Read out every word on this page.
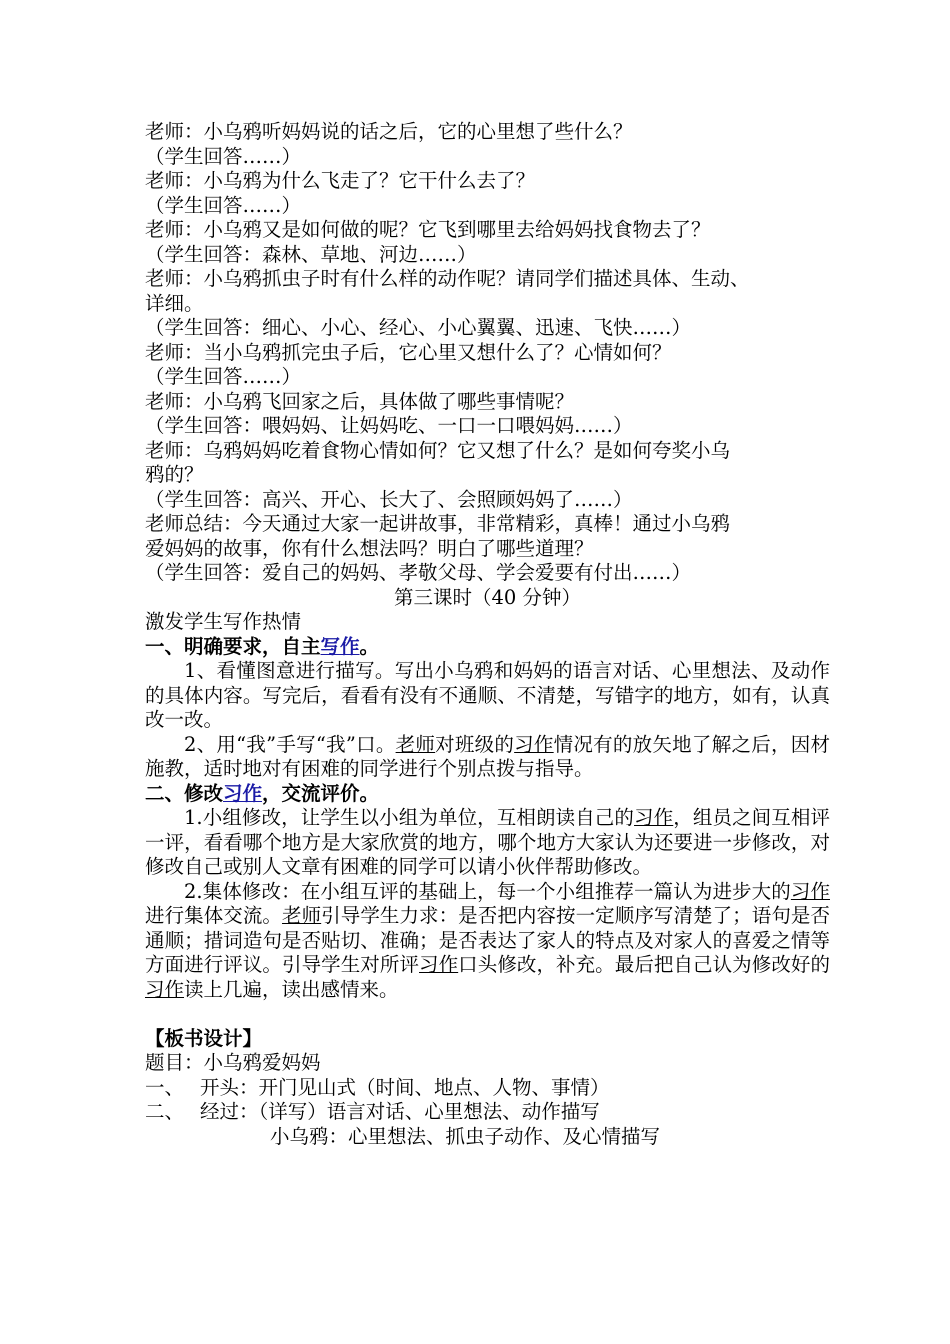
老师：小乌鸦听妈妈说的话之后，它的心里想了些什么？
（学生回答……）
老师：小乌鸦为什么飞走了？它干什么去了？
（学生回答……）
老师：小乌鸦又是如何做的呢？它飞到哪里去给妈妈找食物去了？
（学生回答：森林、草地、河边……）
老师：小乌鸦抓虫子时有什么样的动作呢？请同学们描述具体、生动、
详细。
（学生回答：细心、小心、经心、小心翼翼、迅速、飞快……）
老师：当小乌鸦抓完虫子后，它心里又想什么了？心情如何？
（学生回答……）
老师：小乌鸦飞回家之后，具体做了哪些事情呢？
（学生回答：喂妈妈、让妈妈吃、一口一口喂妈妈……）
老师：乌鸦妈妈吃着食物心情如何？它又想了什么？是如何夸奖小乌
鸦的？
（学生回答：高兴、开心、长大了、会照顾妈妈了……）
老师总结：今天通过大家一起讲故事，非常精彩，真棒！通过小乌鸦
爱妈妈的故事，你有什么想法吗？明白了哪些道理？
（学生回答：爱自己的妈妈、孝敬父母、学会爱要有付出……）
第三课时（40 分钟）
激发学生写作热情
一、明确要求，自主写作。
1、看懂图意进行描写。写出小乌鸦和妈妈的语言对话、心里想法、及动作的具体内容。写完后，看看有没有不通顺、不清楚，写错字的地方，如有，认真改一改。
2、用“我”手写“我”口。老师对班级的习作情况有的放矢地了解之后，因材施教，适时地对有困难的同学进行个别点拨与指导。
二、修改习作，交流评价。
1.小组修改，让学生以小组为单位，互相朗读自己的习作，组员之间互相评一评，看看哪个地方是大家欣赏的地方，哪个地方大家认为还要进一步修改，对修改自己或别人文章有困难的同学可以请小伙伴帮助修改。
2.集体修改：在小组互评的基础上，每一个小组推荐一篇认为进步大的习作进行集体交流。老师引导学生力求：是否把内容按一定顺序写清楚了；语句是否通顺；措词造句是否贴切、准确；是否表达了家人的特点及对家人的喜爱之情等方面进行评议。引导学生对所评习作口头修改，补充。最后把自己认为修改好的习作读上几遍，读出感情来。
【板书设计】
题目：小乌鸦爱妈妈
一、 开头：开门见山式（时间、地点、人物、事情）
二、 经过：（详写）语言对话、心里想法、动作描写
小乌鸦：心里想法、抓虫子动作、及心情描写
